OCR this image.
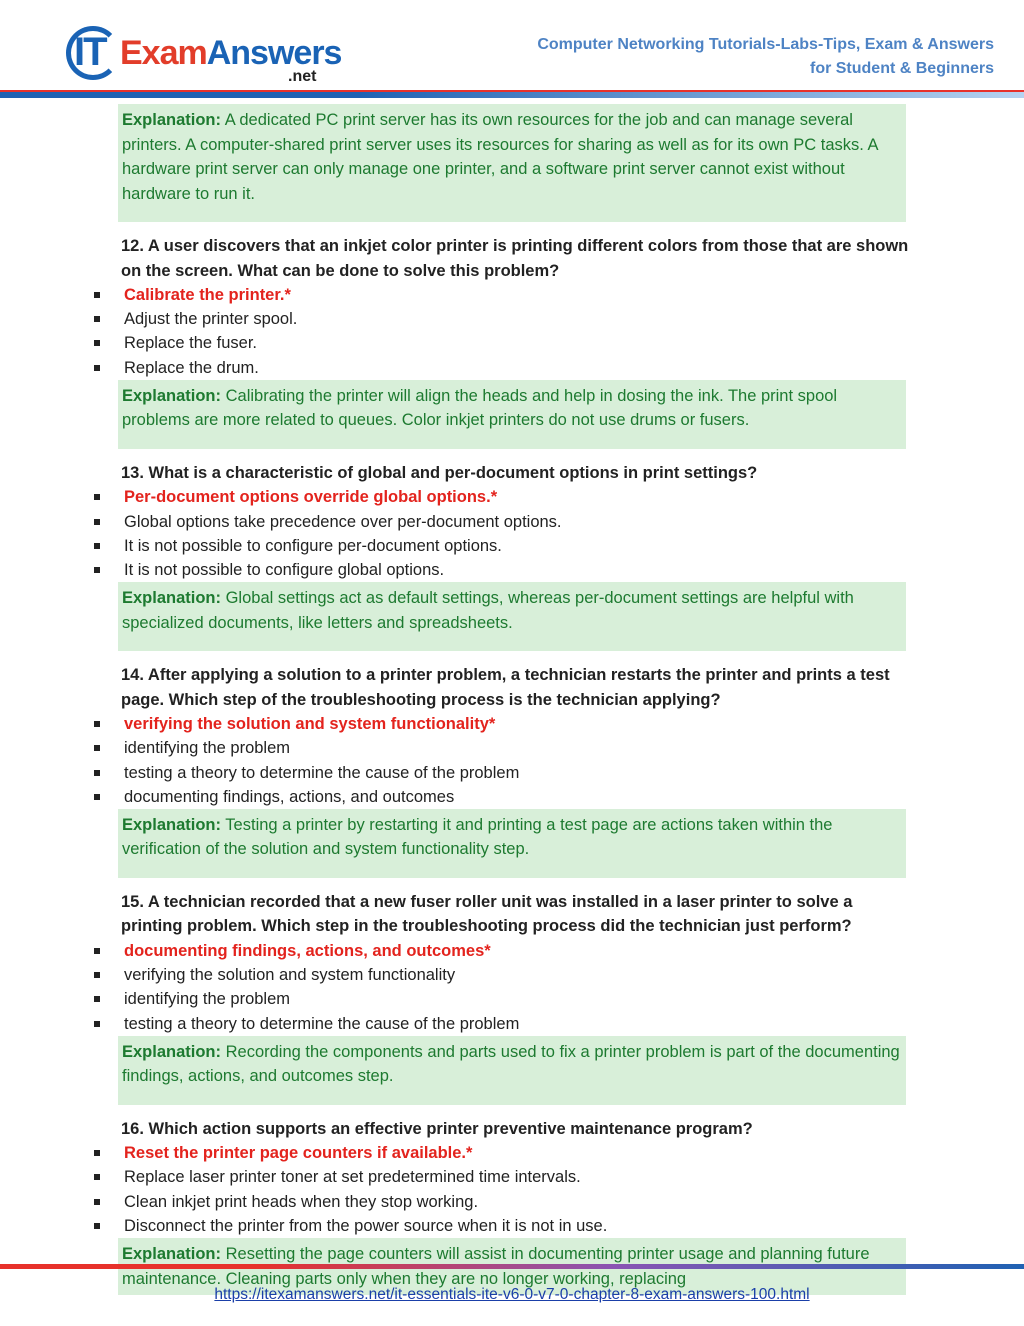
IT ExamAnswers
.net
Computer Networking Tutorials-Labs-Tips, Exam & Answers
for Student & Beginners
Explanation: A dedicated PC print server has its own resources for the job and can manage several printers. A computer-shared print server uses its resources for sharing as well as for its own PC tasks. A hardware print server can only manage one printer, and a software print server cannot exist without hardware to run it.
12. A user discovers that an inkjet color printer is printing different colors from those that are shown on the screen. What can be done to solve this problem?
Calibrate the printer.*
Adjust the printer spool.
Replace the fuser.
Replace the drum.
Explanation: Calibrating the printer will align the heads and help in dosing the ink. The print spool problems are more related to queues. Color inkjet printers do not use drums or fusers.
13. What is a characteristic of global and per-document options in print settings?
Per-document options override global options.*
Global options take precedence over per-document options.
It is not possible to configure per-document options.
It is not possible to configure global options.
Explanation: Global settings act as default settings, whereas per-document settings are helpful with specialized documents, like letters and spreadsheets.
14. After applying a solution to a printer problem, a technician restarts the printer and prints a test page. Which step of the troubleshooting process is the technician applying?
verifying the solution and system functionality*
identifying the problem
testing a theory to determine the cause of the problem
documenting findings, actions, and outcomes
Explanation: Testing a printer by restarting it and printing a test page are actions taken within the verification of the solution and system functionality step.
15. A technician recorded that a new fuser roller unit was installed in a laser printer to solve a printing problem. Which step in the troubleshooting process did the technician just perform?
documenting findings, actions, and outcomes*
verifying the solution and system functionality
identifying the problem
testing a theory to determine the cause of the problem
Explanation: Recording the components and parts used to fix a printer problem is part of the documenting findings, actions, and outcomes step.
16. Which action supports an effective printer preventive maintenance program?
Reset the printer page counters if available.*
Replace laser printer toner at set predetermined time intervals.
Clean inkjet print heads when they stop working.
Disconnect the printer from the power source when it is not in use.
Explanation: Resetting the page counters will assist in documenting printer usage and planning future maintenance. Cleaning parts only when they are no longer working, replacing
https://itexamanswers.net/it-essentials-ite-v6-0-v7-0-chapter-8-exam-answers-100.html
